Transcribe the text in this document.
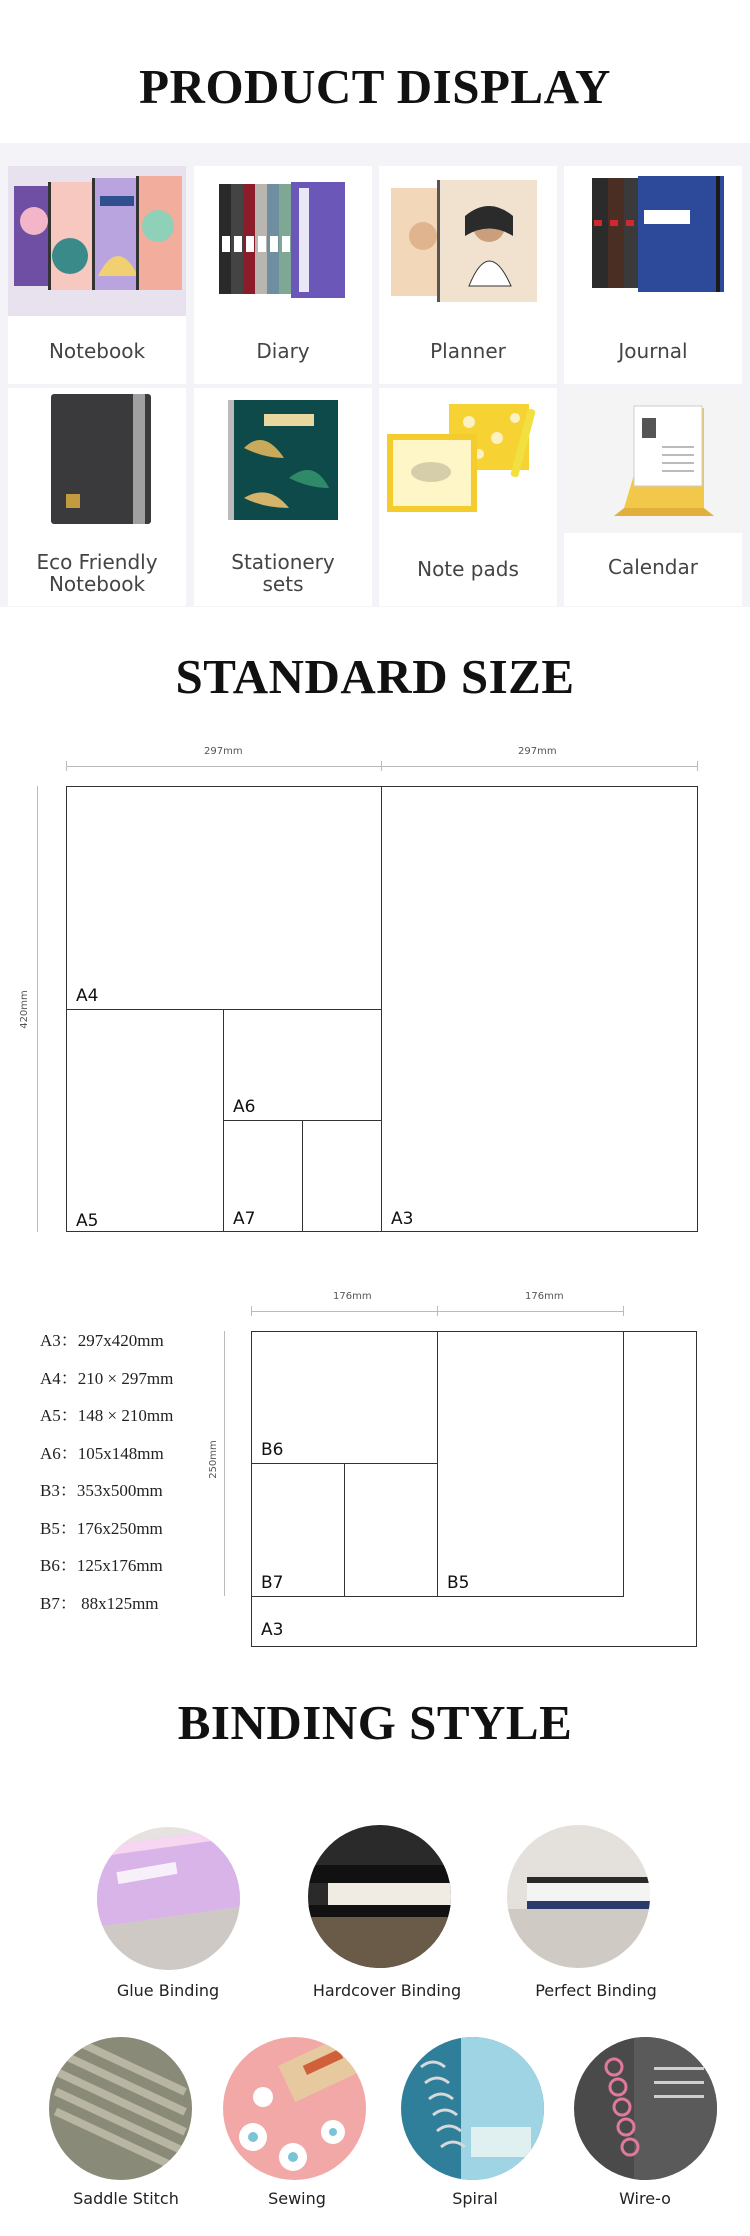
PRODUCT DISPLAY
Notebook	Diary	Planner	Journal
Eco Friendly
Notebook
Stationery
sets
Note pads	Calendar
STANDARD SIZE
297mm	297mm
420mm	A4
A6
A5	A7	A3
A3：297x420mm
A4：210 × 297mm
A5：148 × 210mm
A6：105x148mm
B3：353x500mm
B5：176x250mm
B6：125x176mm
B7： 88x125mm
176mm	176mm
250mm B6
B7	B5
A3
BINDING STYLE
Glue Binding	Hardcover Binding	Perfect Binding
Saddle Stitch	Sewing	Spiral	Wire-o
